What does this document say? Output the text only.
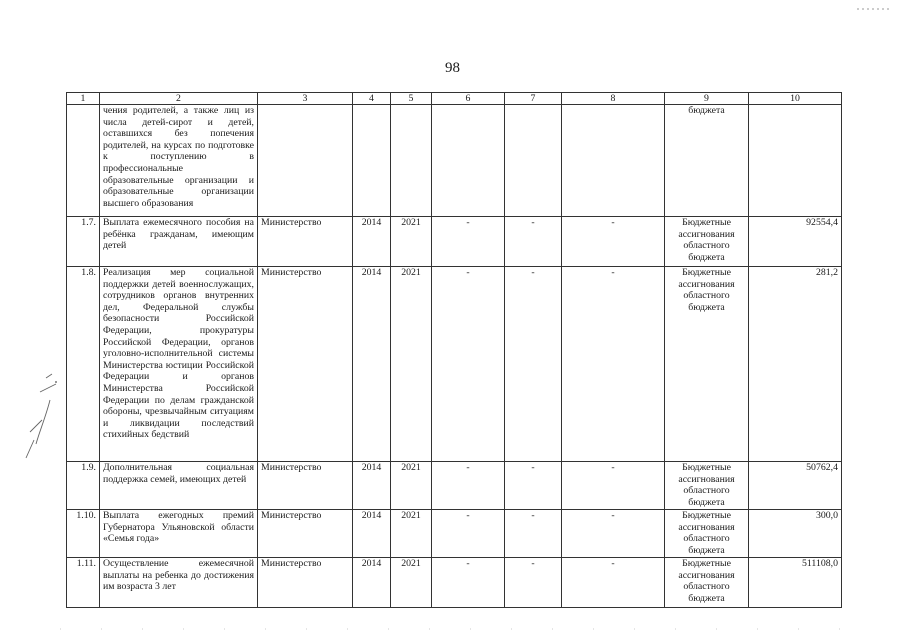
98
1	2	3	4	5	6	7	8	9	10
	чения родителей, а также лиц из числа детей-сирот и детей, оставшихся без попечения родителей, на курсах по подготовке к поступлению в профессиональные образовательные организации и образовательные организации высшего образования							бюджета	
1.7.	Выплата ежемесячного пособия на ребёнка гражданам, имеющим детей	Министерство	2014	2021	-	-	-	Бюджетные ассигнования областного бюджета	92554,4
1.8.	Реализация мер социальной поддержки детей военнослужащих, сотрудников органов внутренних дел, Федеральной службы безопасности Российской Федерации, прокуратуры Российской Федерации, органов уголовно-исполнительной системы Министерства юстиции Российской Федерации и органов Министерства Российской Федерации по делам гражданской обороны, чрезвычайным ситуациям и ликвидации последствий стихийных бедствий	Министерство	2014	2021	-	-	-	Бюджетные ассигнования областного бюджета	281,2
1.9.	Дополнительная социальная поддержка семей, имеющих детей	Министерство	2014	2021	-	-	-	Бюджетные ассигнования областного бюджета	50762,4
1.10.	Выплата ежегодных премий Губернатора Ульяновской области «Семья года»	Министерство	2014	2021	-	-	-	Бюджетные ассигнования областного бюджета	300,0
1.11.	Осуществление ежемесячной выплаты на ребенка до достижения им возраста 3 лет	Министерство	2014	2021	-	-	-	Бюджетные ассигнования областного бюджета	511108,0
